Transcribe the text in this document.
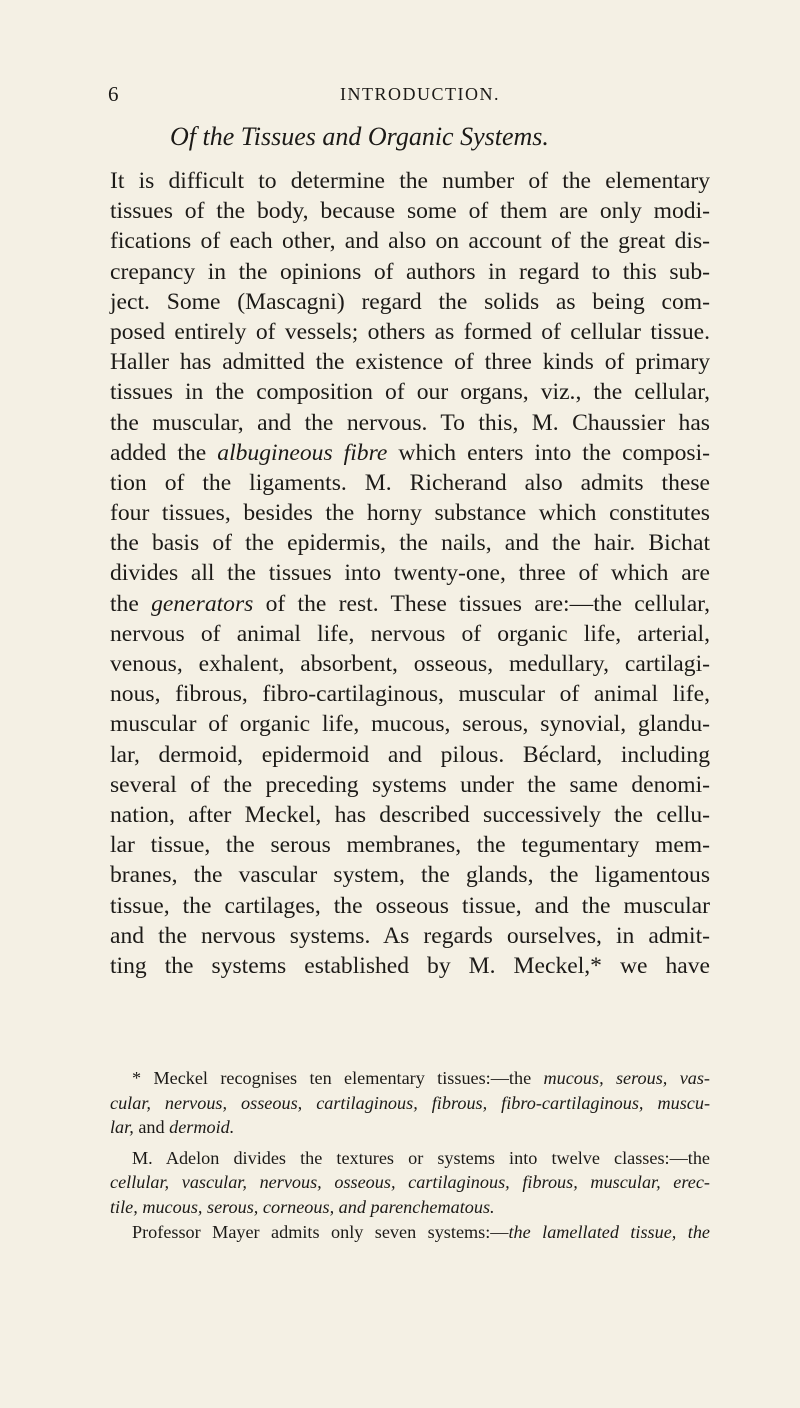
6	INTRODUCTION.
Of the Tissues and Organic Systems.
It is difficult to determine the number of the elementary
tissues of the body, because some of them are only modi-
fications of each other, and also on account of the great dis-
crepancy in the opinions of authors in regard to this sub-
ject. Some (Mascagni) regard the solids as being com-
posed entirely of vessels; others as formed of cellular tissue.
Haller has admitted the existence of three kinds of primary
tissues in the composition of our organs, viz., the cellular,
the muscular, and the nervous. To this, M. Chaussier has
added the albugineous fibre which enters into the composi-
tion of the ligaments. M. Richerand also admits these
four tissues, besides the horny substance which constitutes
the basis of the epidermis, the nails, and the hair. Bichat
divides all the tissues into twenty-one, three of which are
the generators of the rest. These tissues are:—the cellular,
nervous of animal life, nervous of organic life, arterial,
venous, exhalent, absorbent, osseous, medullary, cartilagi-
nous, fibrous, fibro-cartilaginous, muscular of animal life,
muscular of organic life, mucous, serous, synovial, glandu-
lar, dermoid, epidermoid and pilous. Béclard, including
several of the preceding systems under the same denomi-
nation, after Meckel, has described successively the cellu-
lar tissue, the serous membranes, the tegumentary mem-
branes, the vascular system, the glands, the ligamentous
tissue, the cartilages, the osseous tissue, and the muscular
and the nervous systems. As regards ourselves, in admit-
ting the systems established by M. Meckel,* we have
* Meckel recognises ten elementary tissues:—the mucous, serous, vas-
cular, nervous, osseous, cartilaginous, fibrous, fibro-cartilaginous, muscu-
lar, and dermoid.
M. Adelon divides the textures or systems into twelve classes:—the
cellular, vascular, nervous, osseous, cartilaginous, fibrous, muscular, erec-
tile, mucous, serous, corneous, and parenchematous.
Professor Mayer admits only seven systems:—the lamellated tissue, the
